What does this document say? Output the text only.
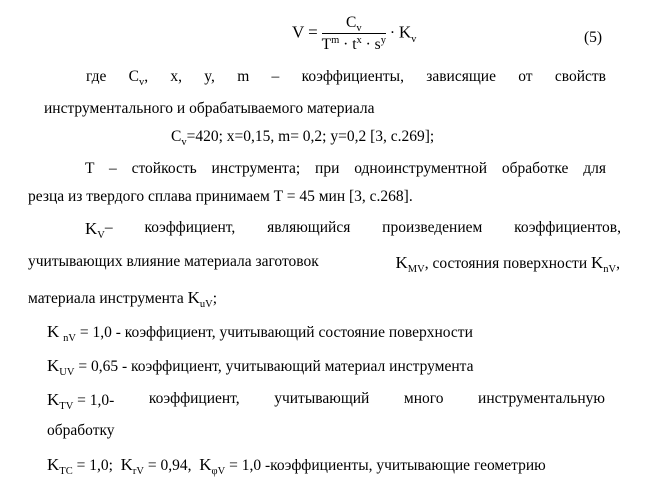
$V = \frac{C_v}{T^m \cdot t^x \cdot s^y} \cdot K_v$	(5)
где $C_v$, x, y, m – коэффициенты, зависящие от свойств
инструментального и обрабатываемого материала
$C_v=420$; x=0,15, m= 0,2; y=0,2 [3, с.269];
T – стойкость инструмента; при одноинструментной обработке для
резца из твердого сплава принимаем T = 45 мин [3, с.268].
$K_V$ – коэффициент, являющийся произведением коэффициентов,
учитывающих влияние материала заготовок	$K_{MV}$, состояния поверхности $K_{nV}$,
материала инструмента $K_{uV}$;
K $_{nV}$ = 1,0 - коэффициент, учитывающий состояние поверхности
$K_{UV} = 0,65$ - коэффициент, учитывающий материал инструмента
$K_{TV} = 1,0-$ коэффициент, учитывающий много инструментальную
обработку
$K_{TC} = 1,0$; $K_{rV} = 0,94$, $K_{\varphi V} = 1,0$ -коэффициенты, учитывающие геометрию
